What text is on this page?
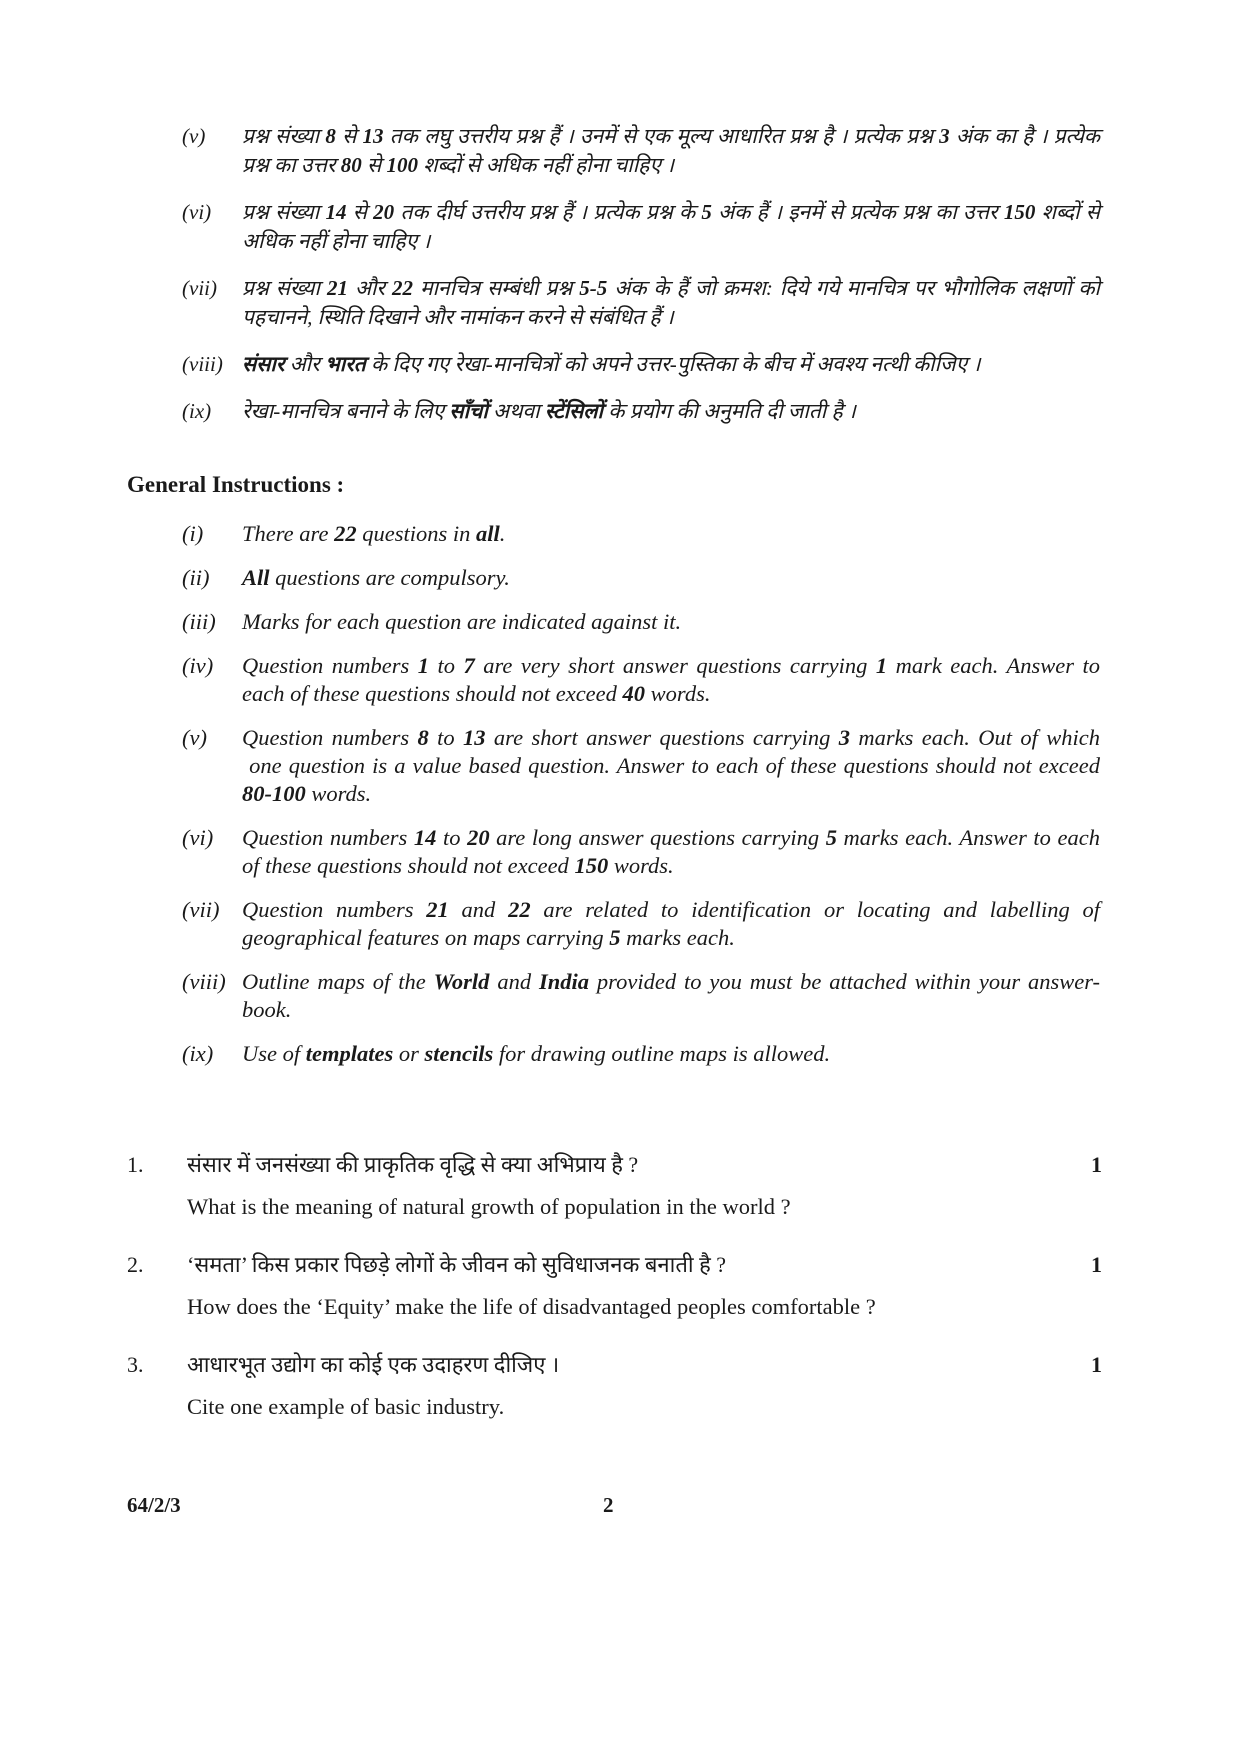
(v)	प्रश्न संख्या 8 से 13 तक लघु उत्तरीय प्रश्न हैं । उनमें से एक मूल्य आधारित प्रश्न है । प्रत्येक प्रश्न 3 अंक का है । प्रत्येक प्रश्न का उत्तर 80 से 100 शब्दों से अधिक नहीं होना चाहिए ।
(vi)	प्रश्न संख्या 14 से 20 तक दीर्घ उत्तरीय प्रश्न हैं । प्रत्येक प्रश्न के 5 अंक हैं । इनमें से प्रत्येक प्रश्न का उत्तर 150 शब्दों से अधिक नहीं होना चाहिए ।
(vii)	प्रश्न संख्या 21 और 22 मानचित्र सम्बंधी प्रश्न 5-5 अंक के हैं जो क्रमश: दिये गये मानचित्र पर भौगोलिक लक्षणों को पहचानने, स्थिति दिखाने और नामांकन करने से संबंधित हैं ।
(viii) संसार और भारत के दिए गए रेखा-मानचित्रों को अपने उत्तर-पुस्तिका के बीच में अवश्य नत्थी कीजिए ।
(ix)	रेखा-मानचित्र बनाने के लिए साँचों अथवा स्टेंसिलों के प्रयोग की अनुमति दी जाती है ।
General Instructions :
(i)	There are 22 questions in all.
(ii)	All questions are compulsory.
(iii)	Marks for each question are indicated against it.
(iv)	Question numbers 1 to 7 are very short answer questions carrying 1 mark each. Answer to each of these questions should not exceed 40 words.
(v)	Question numbers 8 to 13 are short answer questions carrying 3 marks each. Out of which  one question is a value based question. Answer to each of these questions should not exceed 80-100 words.
(vi)	Question numbers 14 to 20 are long answer questions carrying 5 marks each. Answer to each of these questions should not exceed 150 words.
(vii)	Question numbers 21 and 22 are related to identification or locating and labelling of geographical features on maps carrying 5 marks each.
(viii) Outline maps of the World and India provided to you must be attached within your answer-book.
(ix)	Use of templates or stencils for drawing outline maps is allowed.
1.	संसार में जनसंख्या की प्राकृतिक वृद्धि से क्या अभिप्राय है ?	1
What is the meaning of natural growth of population in the world ?
2.	‘समता’ किस प्रकार पिछड़े लोगों के जीवन को सुविधाजनक बनाती है ?	1
How does the ‘Equity’ make the life of disadvantaged peoples comfortable ?
3.	आधारभूत उद्योग का कोई एक उदाहरण दीजिए ।	1
Cite one example of basic industry.
64/2/3	2
